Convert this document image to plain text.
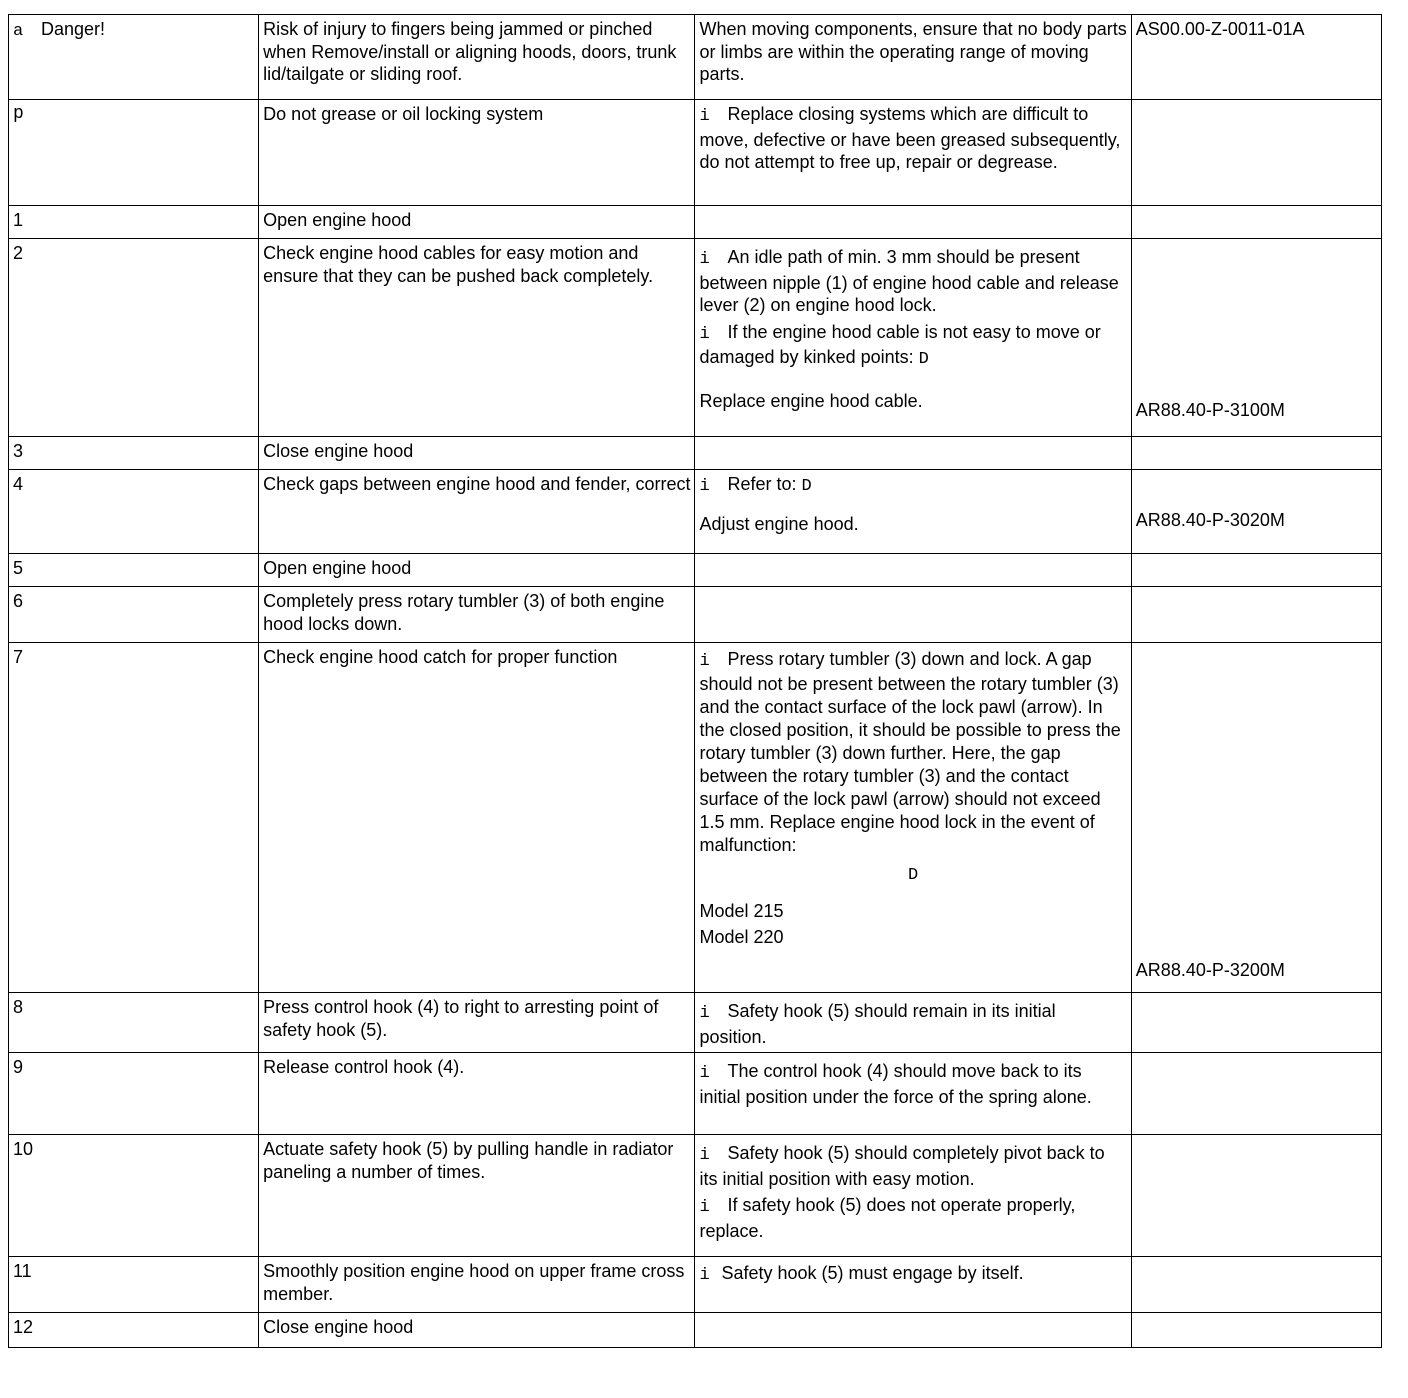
a Danger!	Risk of injury to fingers being jammed or pinched when Remove/install or aligning hoods, doors, trunk lid/tailgate or sliding roof.	When moving components, ensure that no body parts or limbs are within the operating range of moving parts.	AS00.00-Z-0011-01A
p	Do not grease or oil locking system	i Replace closing systems which are difficult to move, defective or have been greased subsequently, do not attempt to free up, repair or degrease.	
1	Open engine hood		
2	Check engine hood cables for easy motion and ensure that they can be pushed back completely.	i An idle path of min. 3 mm should be present between nipple (1) of engine hood cable and release lever (2) on engine hood lock.
i If the engine hood cable is not easy to move or damaged by kinked points: D
Replace engine hood cable.	AR88.40-P-3100M

3	Close engine hood		
4	Check gaps between engine hood and fender, correct	i Refer to: D
Adjust engine hood.	AR88.40-P-3020M

5	Open engine hood		
6	Completely press rotary tumbler (3) of both engine hood locks down.		
7	Check engine hood catch for proper function	i Press rotary tumbler (3) down and lock. A gap should not be present between the rotary tumbler (3) and the contact surface of the lock pawl (arrow). In the closed position, it should be possible to press the rotary tumbler (3) down further. Here, the gap between the rotary tumbler (3) and the contact surface of the lock pawl (arrow) should not exceed 1.5 mm. Replace engine hood lock in the event of malfunction:
D
Model 215
Model 220	AR88.40-P-3200M

8	Press control hook (4) to right to arresting point of safety hook (5).	i Safety hook (5) should remain in its initial position.	

9	Release control hook (4).	i The control hook (4) should move back to its initial position under the force of the spring alone.	

10	Actuate safety hook (5) by pulling handle in radiator paneling a number of times.	i Safety hook (5) should completely pivot back to its initial position with easy motion.
i If safety hook (5) does not operate properly, replace.	

11	Smoothly position engine hood on upper frame cross member.	i Safety hook (5) must engage by itself.	

12	Close engine hood		
